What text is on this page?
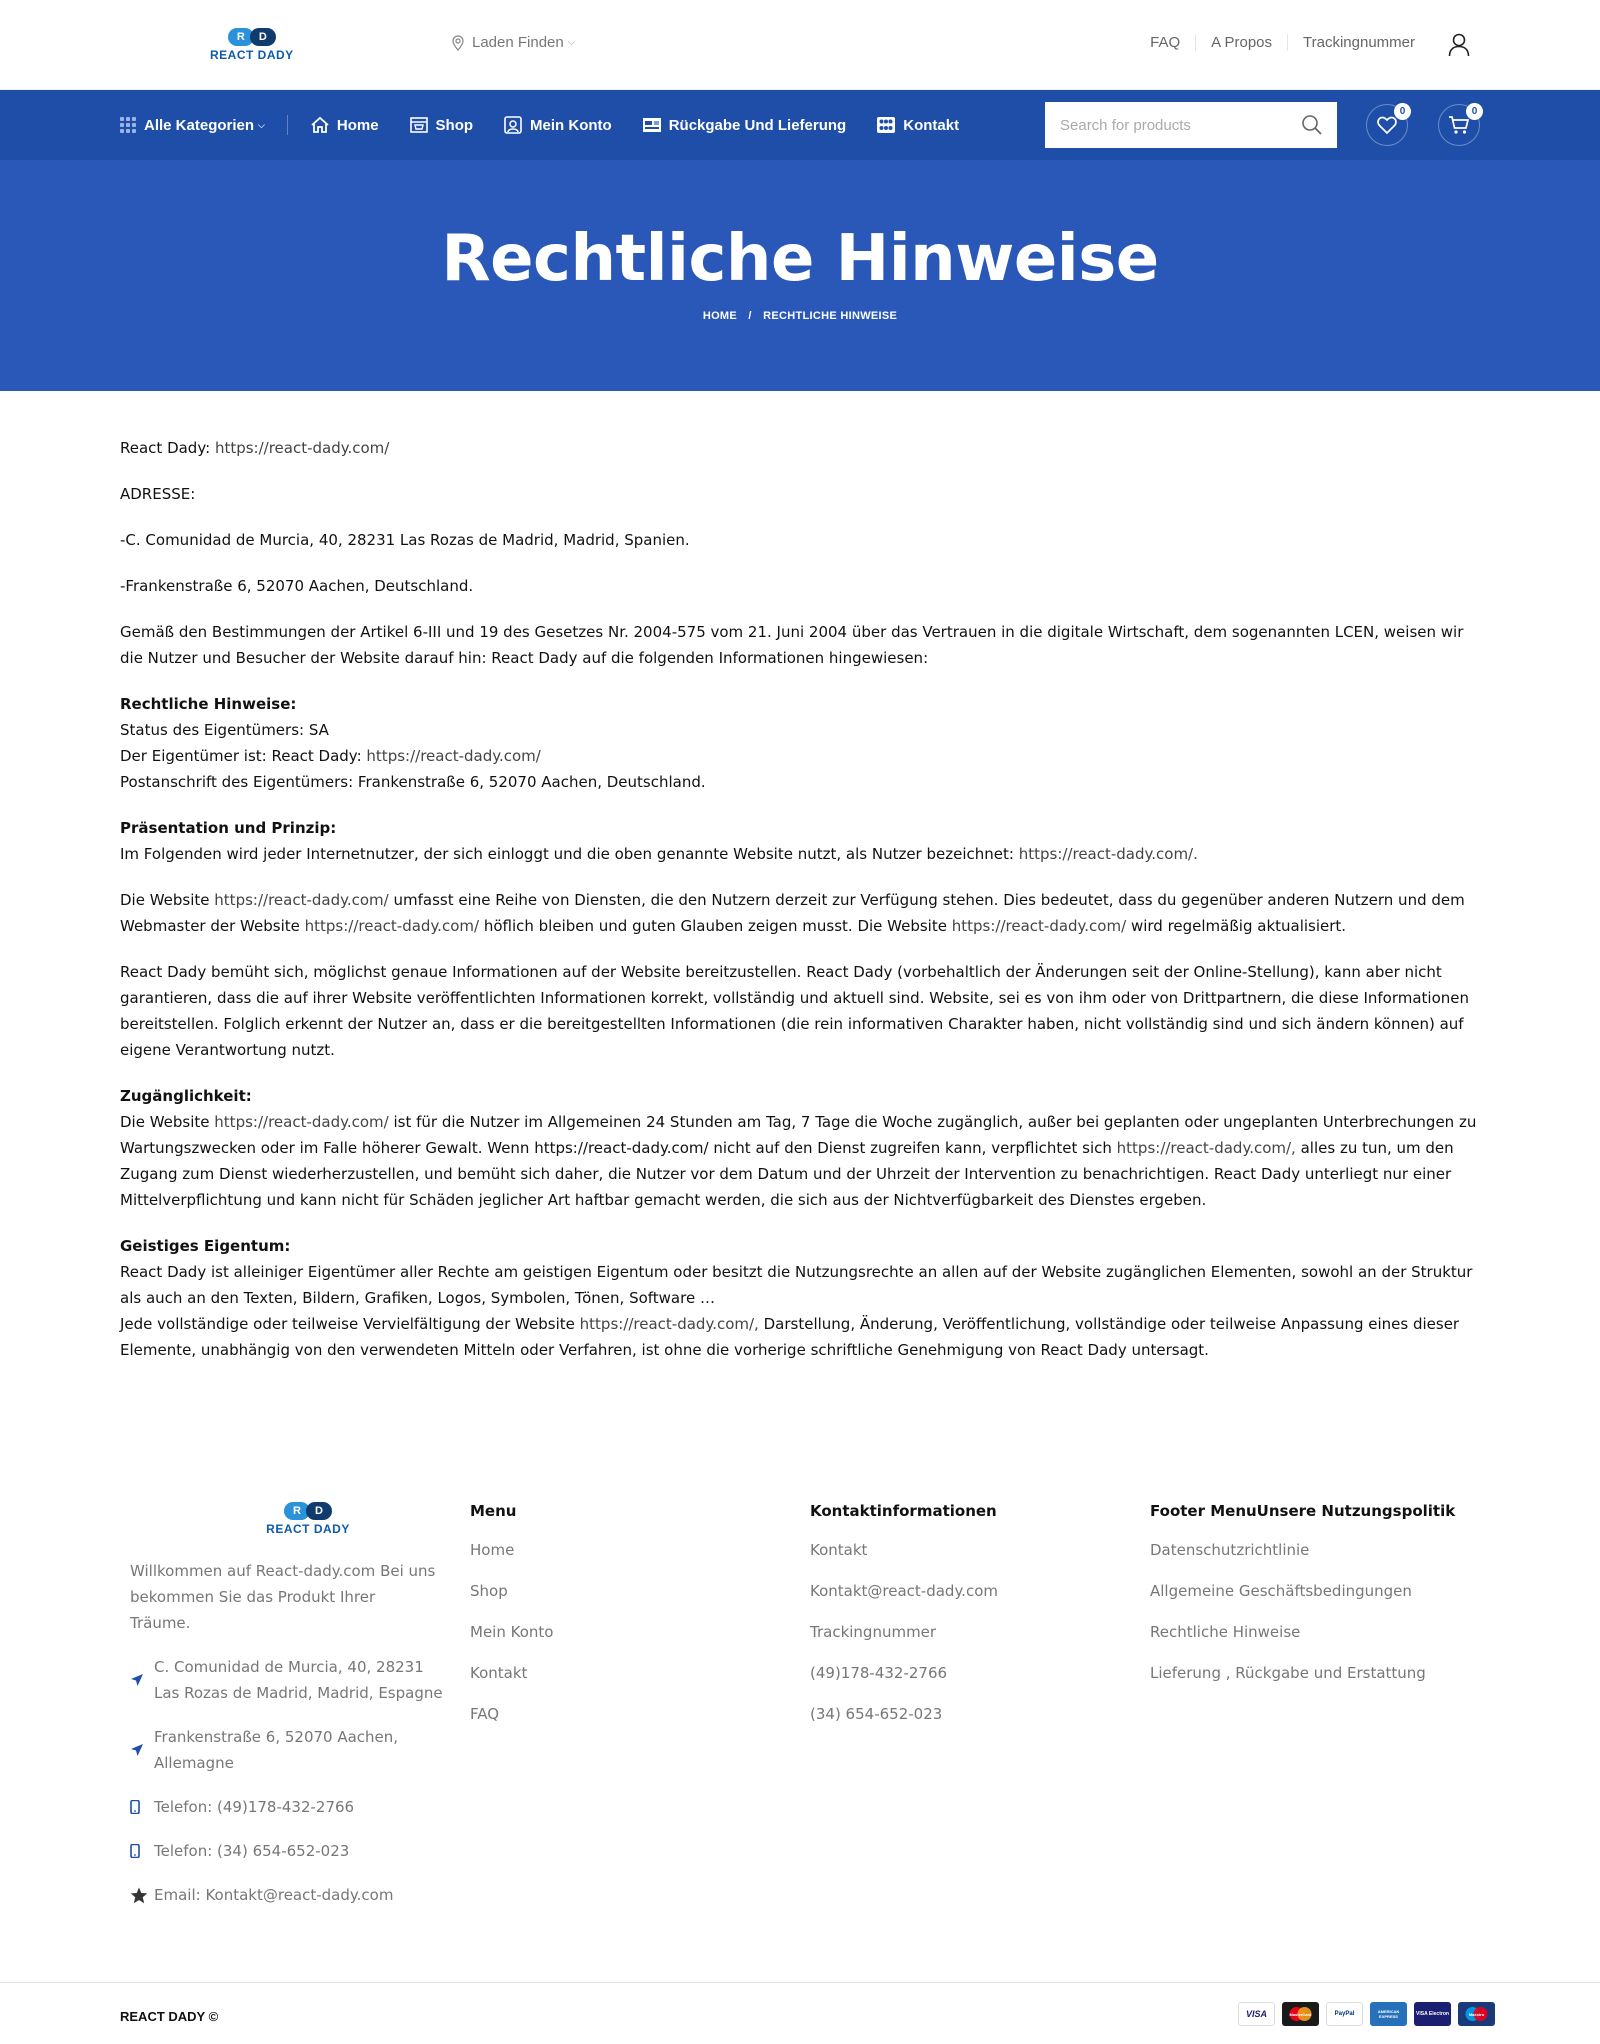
R	D
REACT DADY
Laden Finden ⌵	FAQ	A Propos	Trackingnummer
Alle Kategorien ⌵	Home	Shop	Mein Konto	Rückgabe Und Lieferung	Kontakt
Search for products
0	0
Rechtliche Hinweise
HOME / RECHTLICHE HINWEISE

React Dady: https://react-dady.com/

ADRESSE:

-C. Comunidad de Murcia, 40, 28231 Las Rozas de Madrid, Madrid, Spanien.

-Frankenstraße 6, 52070 Aachen, Deutschland.

Gemäß den Bestimmungen der Artikel 6-III und 19 des Gesetzes Nr. 2004-575 vom 21. Juni 2004 über das Vertrauen in die digitale Wirtschaft, dem sogenannten LCEN, weisen wir die Nutzer und Besucher der Website darauf hin: React Dady auf die folgenden Informationen hingewiesen:

Rechtliche Hinweise:
Status des Eigentümers: SA
Der Eigentümer ist: React Dady: https://react-dady.com/
Postanschrift des Eigentümers: Frankenstraße 6, 52070 Aachen, Deutschland.

Präsentation und Prinzip:
Im Folgenden wird jeder Internetnutzer, der sich einloggt und die oben genannte Website nutzt, als Nutzer bezeichnet: https://react-dady.com/.

Die Website https://react-dady.com/ umfasst eine Reihe von Diensten, die den Nutzern derzeit zur Verfügung stehen. Dies bedeutet, dass du gegenüber anderen Nutzern und dem Webmaster der Website https://react-dady.com/ höflich bleiben und guten Glauben zeigen musst. Die Website https://react-dady.com/ wird regelmäßig aktualisiert.

React Dady bemüht sich, möglichst genaue Informationen auf der Website bereitzustellen. React Dady (vorbehaltlich der Änderungen seit der Online-Stellung), kann aber nicht garantieren, dass die auf ihrer Website veröffentlichten Informationen korrekt, vollständig und aktuell sind. Website, sei es von ihm oder von Drittpartnern, die diese Informationen bereitstellen. Folglich erkennt der Nutzer an, dass er die bereitgestellten Informationen (die rein informativen Charakter haben, nicht vollständig sind und sich ändern können) auf eigene Verantwortung nutzt.

Zugänglichkeit:
Die Website https://react-dady.com/ ist für die Nutzer im Allgemeinen 24 Stunden am Tag, 7 Tage die Woche zugänglich, außer bei geplanten oder ungeplanten Unterbrechungen zu Wartungszwecken oder im Falle höherer Gewalt. Wenn https://react-dady.com/ nicht auf den Dienst zugreifen kann, verpflichtet sich https://react-dady.com/, alles zu tun, um den Zugang zum Dienst wiederherzustellen, und bemüht sich daher, die Nutzer vor dem Datum und der Uhrzeit der Intervention zu benachrichtigen. React Dady unterliegt nur einer Mittelverpflichtung und kann nicht für Schäden jeglicher Art haftbar gemacht werden, die sich aus der Nichtverfügbarkeit des Dienstes ergeben.

Geistiges Eigentum:
React Dady ist alleiniger Eigentümer aller Rechte am geistigen Eigentum oder besitzt die Nutzungsrechte an allen auf der Website zugänglichen Elementen, sowohl an der Struktur als auch an den Texten, Bildern, Grafiken, Logos, Symbolen, Tönen, Software …
Jede vollständige oder teilweise Vervielfältigung der Website https://react-dady.com/, Darstellung, Änderung, Veröffentlichung, vollständige oder teilweise Anpassung eines dieser Elemente, unabhängig von den verwendeten Mitteln oder Verfahren, ist ohne die vorherige schriftliche Genehmigung von React Dady untersagt.

R	D
REACT DADY
Willkommen auf React-dady.com Bei uns bekommen Sie das Produkt Ihrer Träume.
C. Comunidad de Murcia, 40, 28231 Las Rozas de Madrid, Madrid, Espagne
Frankenstraße 6, 52070 Aachen, Allemagne
Telefon: (49)178-432-2766
Telefon: (34) 654-652-023
Email: Kontakt@react-dady.com
Menu
Home
Shop
Mein Konto
Kontakt
FAQ
Kontaktinformationen
Kontakt
Kontakt@react-dady.com
Trackingnummer
(49)178-432-2766
(34) 654-652-023
Footer MenuUnsere Nutzungspolitik
Datenschutzrichtlinie
Allgemeine Geschäftsbedingungen
Rechtliche Hinweise
Lieferung , Rückgabe und Erstattung
REACT DADY ©	VISA	MasterCard	PayPal	AMERICAN EXPRESS	VISA Electron	Maestro
